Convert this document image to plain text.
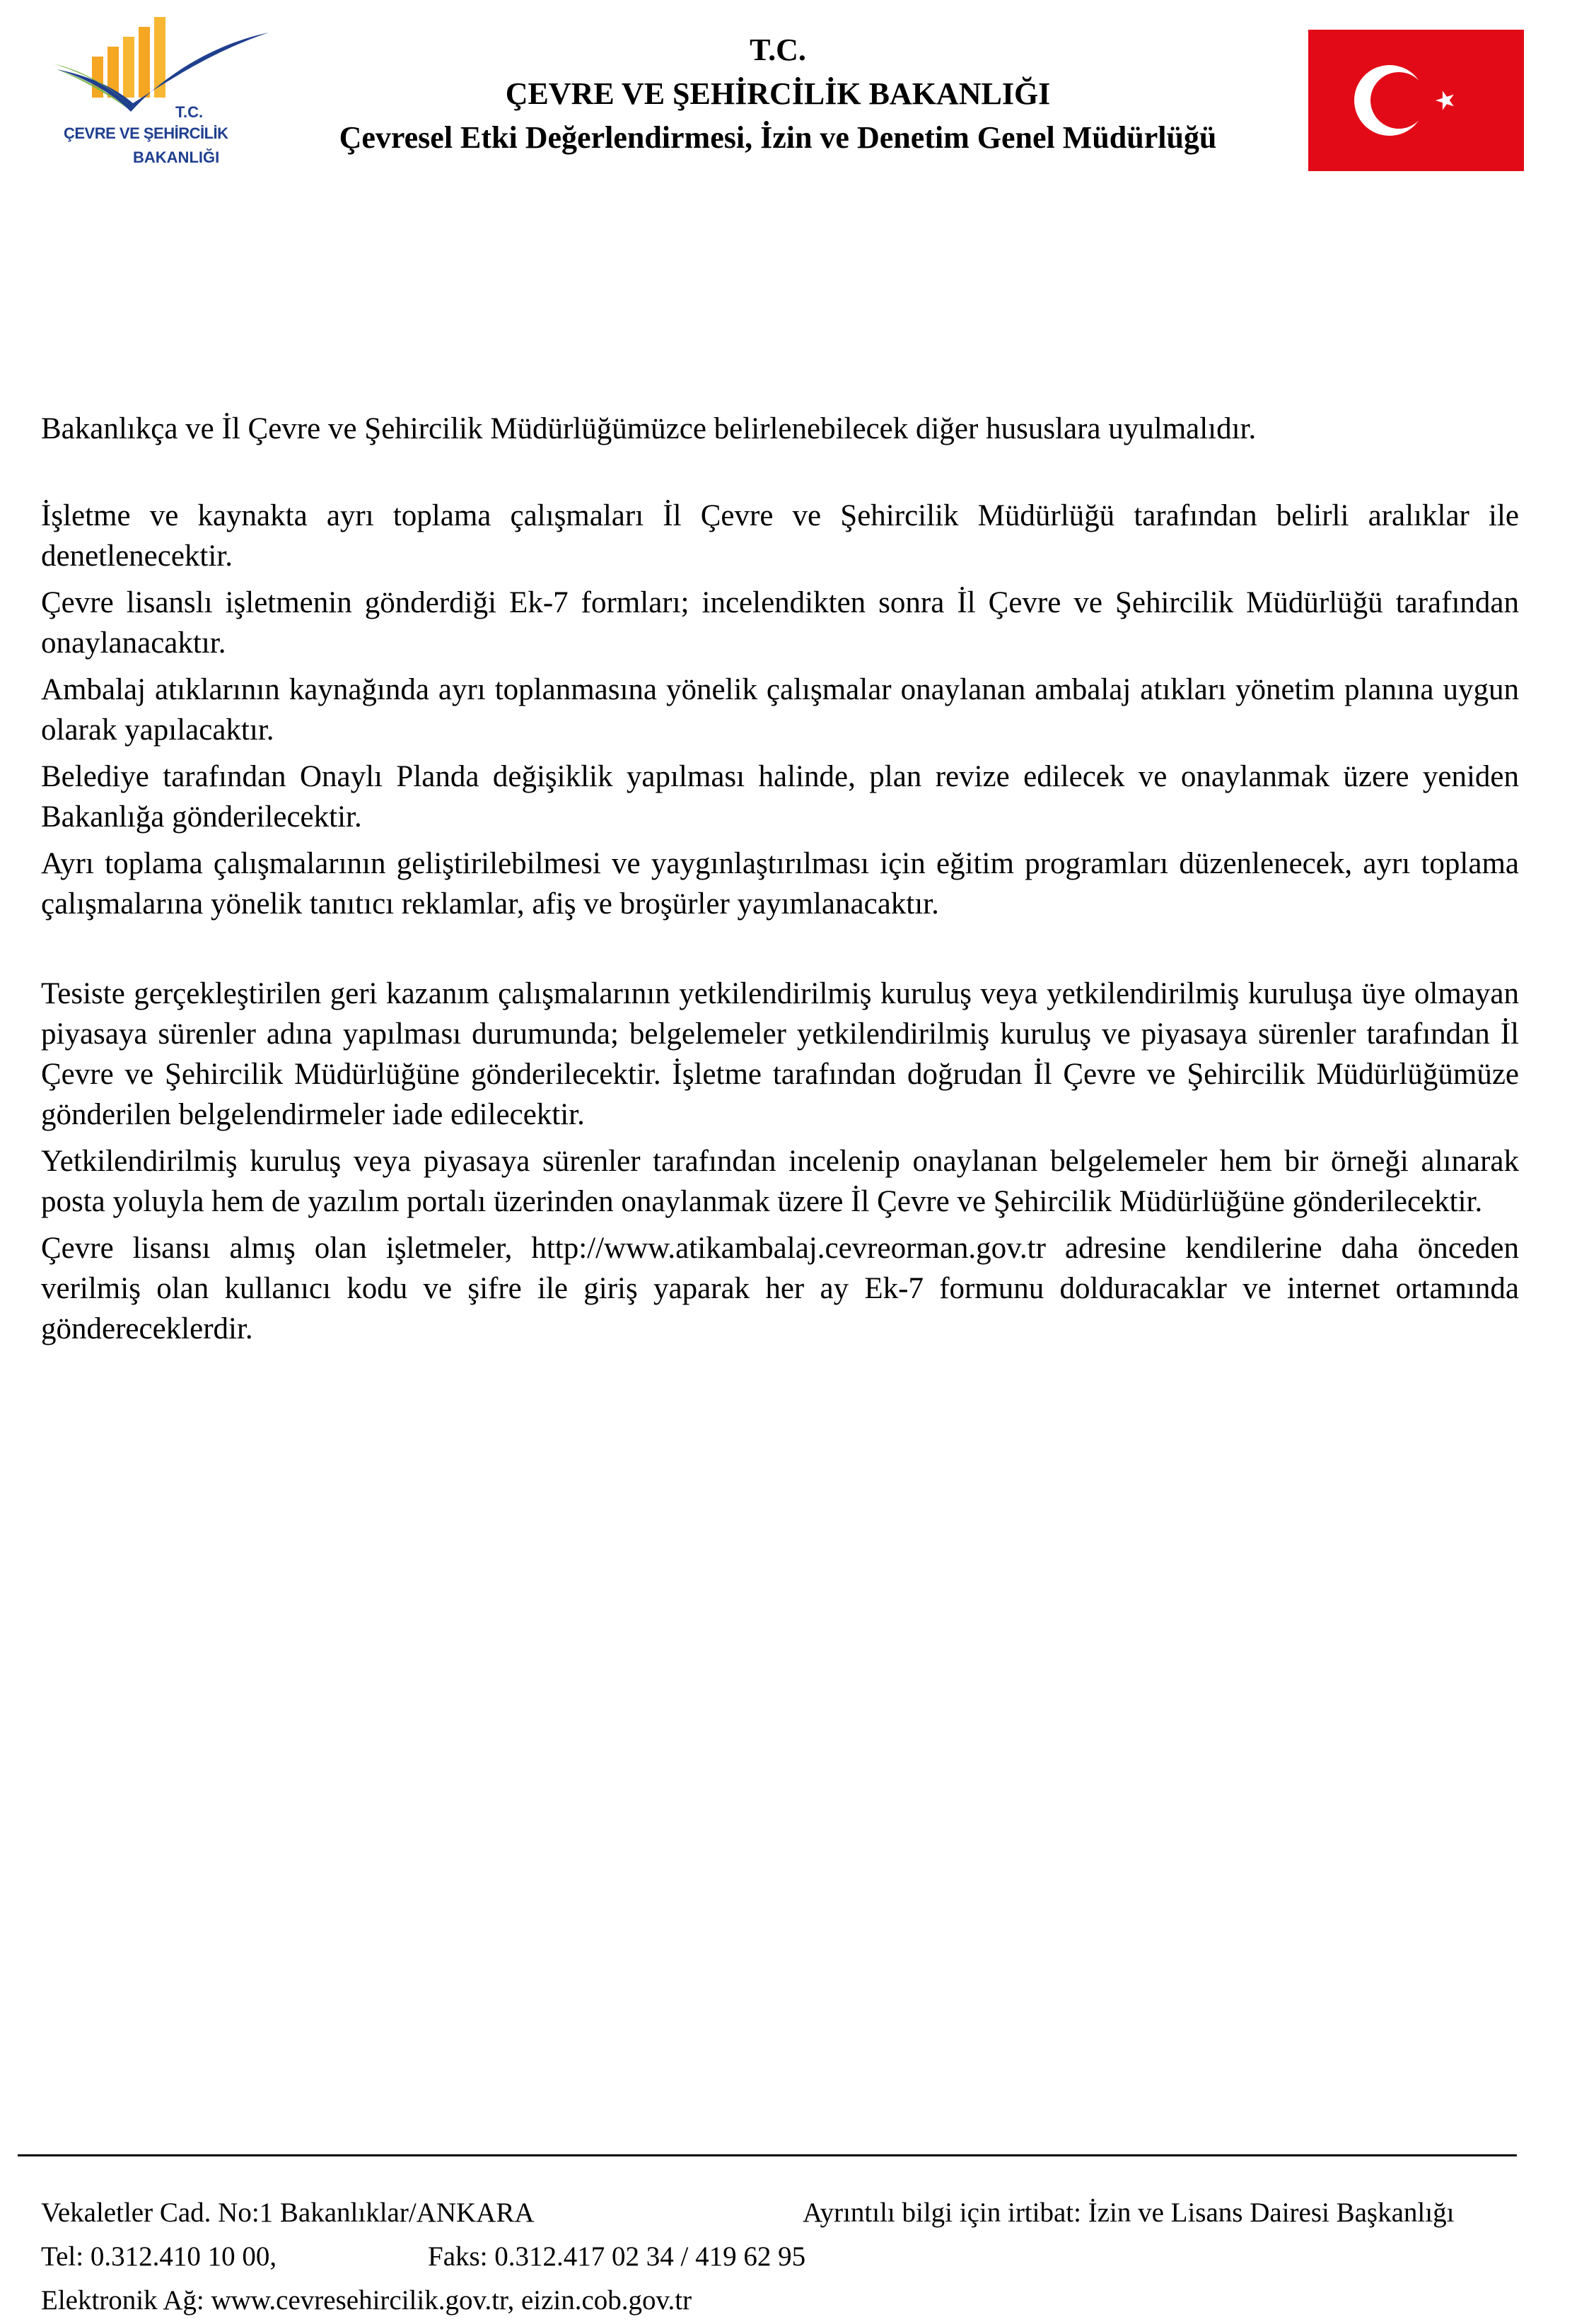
T.C.
ÇEVRE VE ŞEHİRCİLİK
BAKANLIĞI
T.C.
ÇEVRE VE ŞEHİRCİLİK BAKANLIĞI
Çevresel Etki Değerlendirmesi, İzin ve Denetim Genel Müdürlüğü

Bakanlıkça ve İl Çevre ve Şehircilik Müdürlüğümüzce belirlenebilecek diğer hususlara uyulmalıdır.

İşletme ve kaynakta ayrı toplama çalışmaları İl Çevre ve Şehircilik Müdürlüğü tarafından belirli aralıklar ile denetlenecektir.

Çevre lisanslı işletmenin gönderdiği Ek-7 formları; incelendikten sonra İl Çevre ve Şehircilik Müdürlüğü tarafından onaylanacaktır.

Ambalaj atıklarının kaynağında ayrı toplanmasına yönelik çalışmalar onaylanan ambalaj atıkları yönetim planına uygun olarak yapılacaktır.

Belediye tarafından Onaylı Planda değişiklik yapılması halinde, plan revize edilecek ve onaylanmak üzere yeniden Bakanlığa gönderilecektir.

Ayrı toplama çalışmalarının geliştirilebilmesi ve yaygınlaştırılması için eğitim programları düzenlenecek, ayrı toplama çalışmalarına yönelik tanıtıcı reklamlar, afiş ve broşürler yayımlanacaktır.

Tesiste gerçekleştirilen geri kazanım çalışmalarının yetkilendirilmiş kuruluş veya yetkilendirilmiş kuruluşa üye olmayan piyasaya sürenler adına yapılması durumunda; belgelemeler yetkilendirilmiş kuruluş ve piyasaya sürenler tarafından İl Çevre ve Şehircilik Müdürlüğüne gönderilecektir. İşletme tarafından doğrudan İl Çevre ve Şehircilik Müdürlüğümüze gönderilen belgelendirmeler iade edilecektir.

Yetkilendirilmiş kuruluş veya piyasaya sürenler tarafından incelenip onaylanan belgelemeler hem bir örneği alınarak posta yoluyla hem de yazılım portalı üzerinden onaylanmak üzere İl Çevre ve Şehircilik Müdürlüğüne gönderilecektir.

Çevre lisansı almış olan işletmeler, http://www.atikambalaj.cevreorman.gov.tr adresine kendilerine daha önceden verilmiş olan kullanıcı kodu ve şifre ile giriş yaparak her ay Ek-7 formunu dolduracaklar ve internet ortamında göndereceklerdir.

Vekaletler Cad. No:1 Bakanlıklar/ANKARA	Ayrıntılı bilgi için irtibat: İzin ve Lisans Dairesi Başkanlığı
Tel: 0.312.410 10 00,	Faks: 0.312.417 02 34 / 419 62 95
Elektronik Ağ: www.cevresehircilik.gov.tr, eizin.cob.gov.tr
